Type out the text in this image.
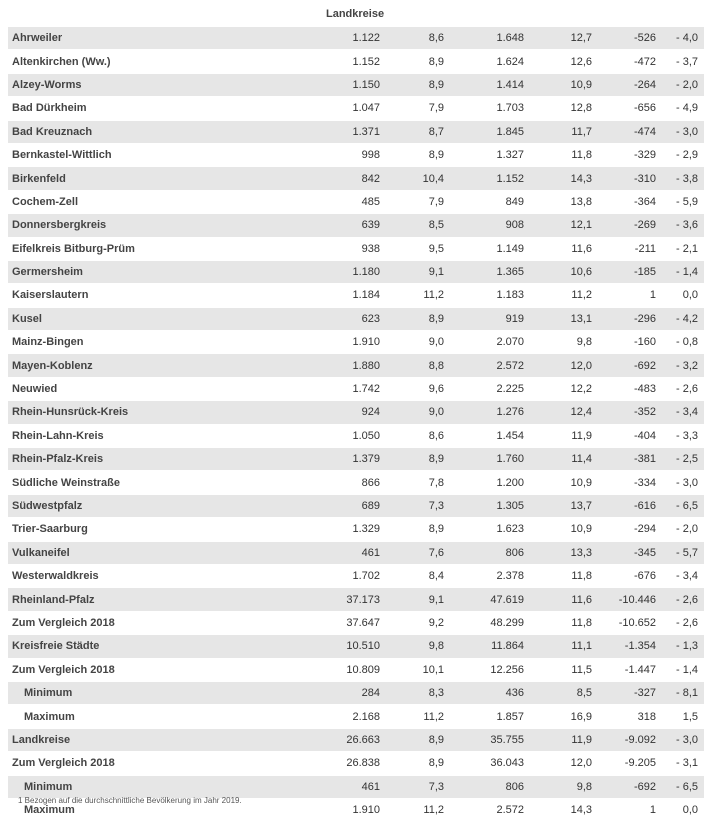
Landkreise
Ahrweiler	1.122	8,6	1.648	12,7	-526	- 4,0
Altenkirchen (Ww.)	1.152	8,9	1.624	12,6	-472	- 3,7
Alzey-Worms	1.150	8,9	1.414	10,9	-264	- 2,0
Bad Dürkheim	1.047	7,9	1.703	12,8	-656	- 4,9
Bad Kreuznach	1.371	8,7	1.845	11,7	-474	- 3,0
Bernkastel-Wittlich	998	8,9	1.327	11,8	-329	- 2,9
Birkenfeld	842	10,4	1.152	14,3	-310	- 3,8
Cochem-Zell	485	7,9	849	13,8	-364	- 5,9
Donnersbergkreis	639	8,5	908	12,1	-269	- 3,6
Eifelkreis Bitburg-Prüm	938	9,5	1.149	11,6	-211	- 2,1
Germersheim	1.180	9,1	1.365	10,6	-185	- 1,4
Kaiserslautern	1.184	11,2	1.183	11,2	1	0,0
Kusel	623	8,9	919	13,1	-296	- 4,2
Mainz-Bingen	1.910	9,0	2.070	9,8	-160	- 0,8
Mayen-Koblenz	1.880	8,8	2.572	12,0	-692	- 3,2
Neuwied	1.742	9,6	2.225	12,2	-483	- 2,6
Rhein-Hunsrück-Kreis	924	9,0	1.276	12,4	-352	- 3,4
Rhein-Lahn-Kreis	1.050	8,6	1.454	11,9	-404	- 3,3
Rhein-Pfalz-Kreis	1.379	8,9	1.760	11,4	-381	- 2,5
Südliche Weinstraße	866	7,8	1.200	10,9	-334	- 3,0
Südwestpfalz	689	7,3	1.305	13,7	-616	- 6,5
Trier-Saarburg	1.329	8,9	1.623	10,9	-294	- 2,0
Vulkaneifel	461	7,6	806	13,3	-345	- 5,7
Westerwaldkreis	1.702	8,4	2.378	11,8	-676	- 3,4
Rheinland-Pfalz	37.173	9,1	47.619	11,6	-10.446	- 2,6
Zum Vergleich 2018	37.647	9,2	48.299	11,8	-10.652	- 2,6
Kreisfreie Städte	10.510	9,8	11.864	11,1	-1.354	- 1,3
Zum Vergleich 2018	10.809	10,1	12.256	11,5	-1.447	- 1,4
Minimum	284	8,3	436	8,5	-327	- 8,1
Maximum	2.168	11,2	1.857	16,9	318	1,5
Landkreise	26.663	8,9	35.755	11,9	-9.092	- 3,0
Zum Vergleich 2018	26.838	8,9	36.043	12,0	-9.205	- 3,1
Minimum	461	7,3	806	9,8	-692	- 6,5
Maximum	1.910	11,2	2.572	14,3	1	0,0
1 Bezogen auf die durchschnittliche Bevölkerung im Jahr 2019.
